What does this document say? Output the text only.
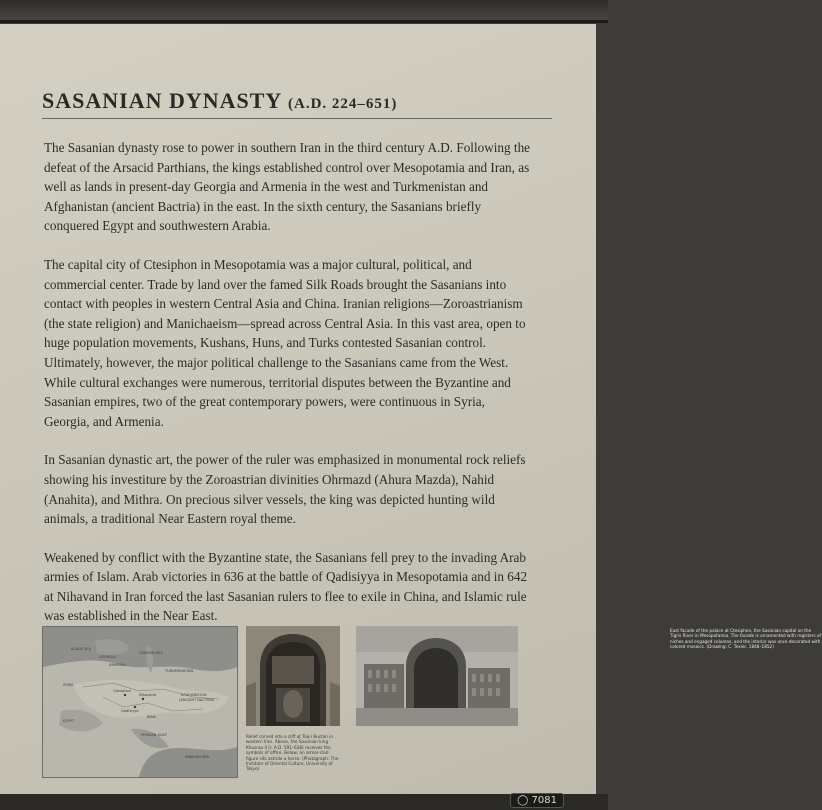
SASANIAN DYNASTY (A.D. 224–651)

The Sasanian dynasty rose to power in southern Iran in the third century A.D. Following the defeat of the Arsacid Parthians, the kings established control over Mesopotamia and Iran, as well as lands in present-day Georgia and Armenia in the west and Turkmenistan and Afghanistan (ancient Bactria) in the east. In the sixth century, the Sasanians briefly conquered Egypt and southwestern Arabia.

The capital city of Ctesiphon in Mesopotamia was a major cultural, political, and commercial center. Trade by land over the famed Silk Roads brought the Sasanians into contact with peoples in western Central Asia and China. Iranian religions—Zoroastrianism (the state religion) and Manichaeism—spread across Central Asia. In this vast area, open to huge population movements, Kushans, Huns, and Turks contested Sasanian control. Ultimately, however, the major political challenge to the Sasanians came from the West. While cultural exchanges were numerous, territorial disputes between the Byzantine and Sasanian empires, two of the great contemporary powers, were continuous in Syria, Georgia, and Armenia.

In Sasanian dynastic art, the power of the ruler was emphasized in monumental rock reliefs showing his investiture by the Zoroastrian divinities Ohrmazd (Ahura Mazda), Nahid (Anahita), and Mithra. On precious silver vessels, the king was depicted hunting wild animals, a traditional Near Eastern royal theme.

Weakened by conflict with the Byzantine state, the Sasanians fell prey to the invading Arab armies of Islam. Arab victories in 636 at the battle of Qadisiyya in Mesopotamia and in 642 at Nihavand in Iran forced the last Sasanian rulers to flee to exile in China, and Islamic rule was established in the Near East.

BLACK SEA
GEORGIA
ARMENIA
CASPIAN SEA
TURKMENISTAN
SYRIA
Ctesiphon
Qadisiyya
Nihavand	AFGHANISTAN
(ANCIENT BACTRIA)
EGYPT
IRAN
PERSIAN GULF
ARABIAN SEA
Relief carved into a cliff at Taq-i Bustan in western Iran. Above, the Sasanian king Khusrau II (r. A.D. 591–628) receives the symbols of office. Below, an armor-clad figure sits astride a horse. (Photograph: The Institute of Oriental Culture, University of Tokyo)
East facade of the palace at Ctesiphon, the Sasanian capital on the Tigris River in Mesopotamia. The facade is ornamented with registers of niches and engaged columns, and the interior was once decorated with colored mosaics. (Drawing: C. Texier, 1848–1852)
◯ 7081
